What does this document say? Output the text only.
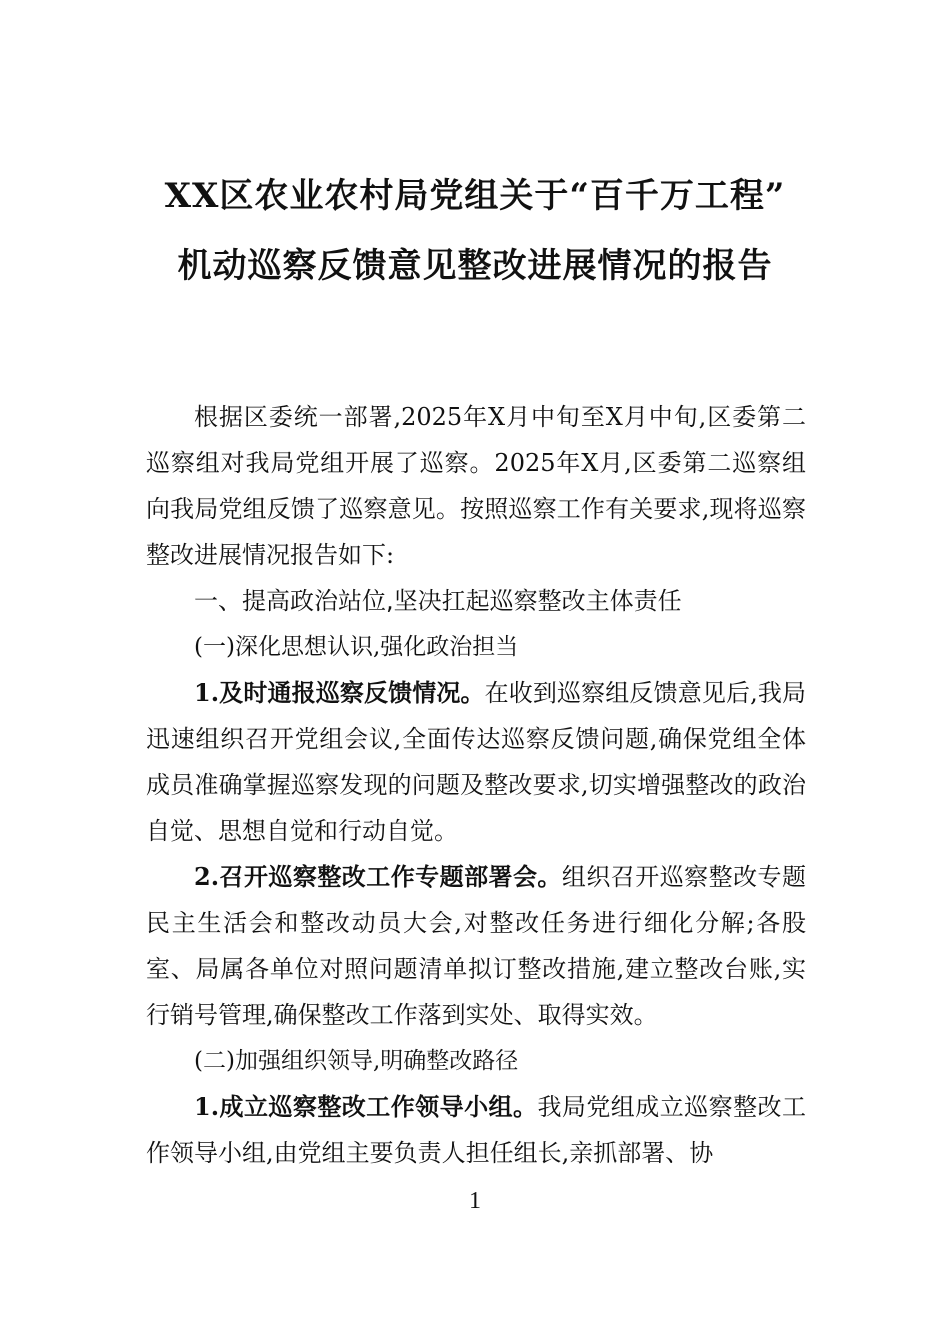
XX区农业农村局党组关于“百千万工程”
机动巡察反馈意见整改进展情况的报告

根据区委统一部署,2025年X月中旬至X月中旬,区委第二巡察组对我局党组开展了巡察。2025年X月,区委第二巡察组向我局党组反馈了巡察意见。按照巡察工作有关要求,现将巡察整改进展情况报告如下:

一、提高政治站位,坚决扛起巡察整改主体责任

(一)深化思想认识,强化政治担当

1.及时通报巡察反馈情况。在收到巡察组反馈意见后,我局迅速组织召开党组会议,全面传达巡察反馈问题,确保党组全体成员准确掌握巡察发现的问题及整改要求,切实增强整改的政治自觉、思想自觉和行动自觉。

2.召开巡察整改工作专题部署会。组织召开巡察整改专题民主生活会和整改动员大会,对整改任务进行细化分解;各股室、局属各单位对照问题清单拟订整改措施,建立整改台账,实行销号管理,确保整改工作落到实处、取得实效。

(二)加强组织领导,明确整改路径

1.成立巡察整改工作领导小组。我局党组成立巡察整改工作领导小组,由党组主要负责人担任组长,亲抓部署、协

1
